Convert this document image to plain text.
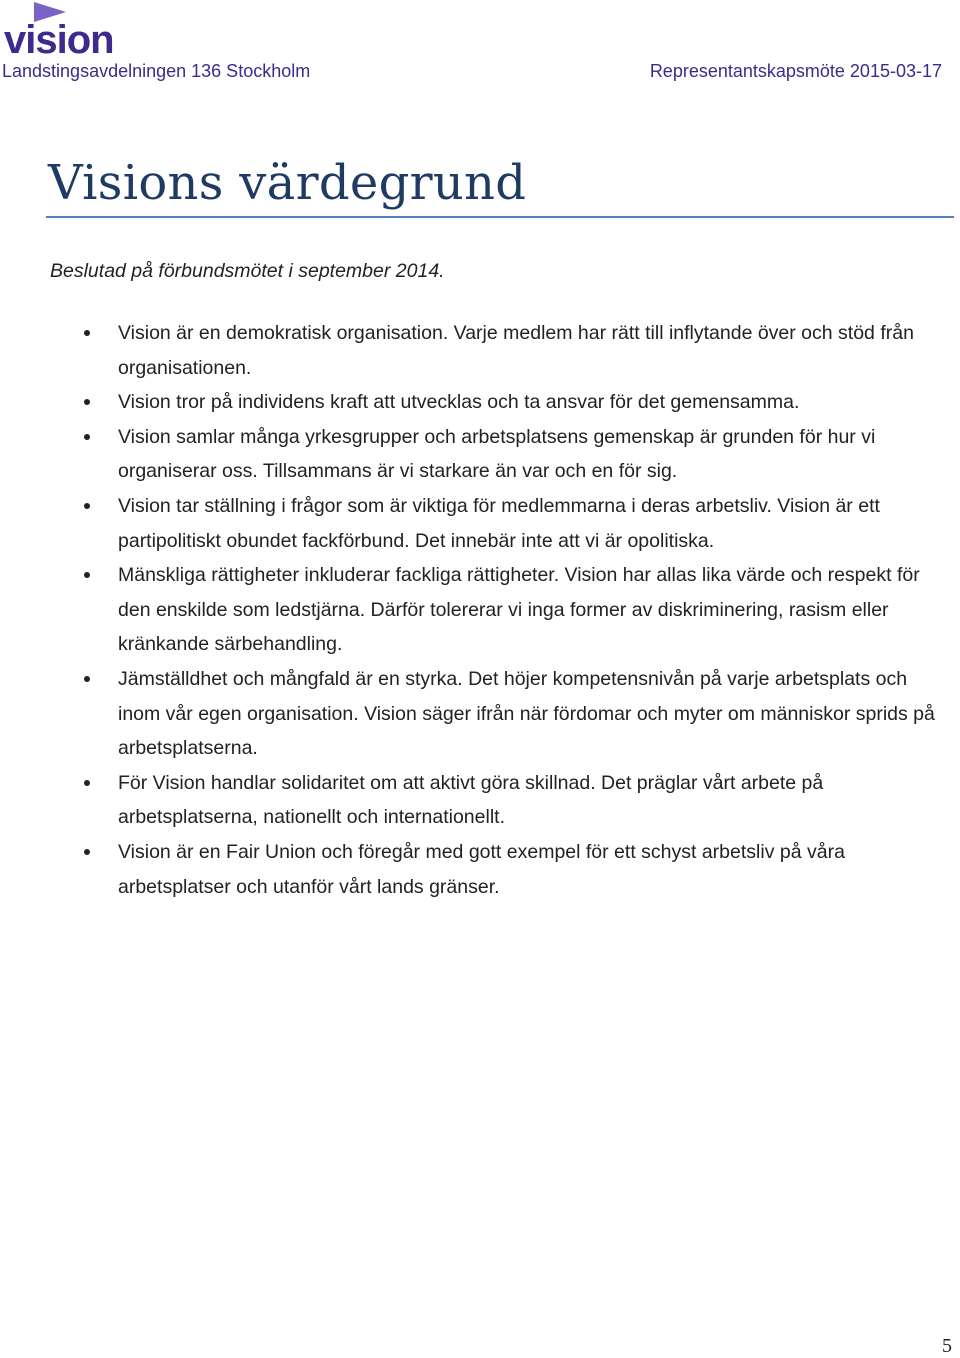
vision
Landstingsavdelningen 136 Stockholm	Representantskapsmöte 2015-03-17
Visions värdegrund

Beslutad på förbundsmötet i september 2014.

Vision är en demokratisk organisation. Varje medlem har rätt till inflytande över och stöd från organisationen.
Vision tror på individens kraft att utvecklas och ta ansvar för det gemensamma.
Vision samlar många yrkesgrupper och arbetsplatsens gemenskap är grunden för hur vi organiserar oss. Tillsammans är vi starkare än var och en för sig.
Vision tar ställning i frågor som är viktiga för medlemmarna i deras arbetsliv. Vision är ett partipolitiskt obundet fackförbund. Det innebär inte att vi är opolitiska.
Mänskliga rättigheter inkluderar fackliga rättigheter. Vision har allas lika värde och respekt för den enskilde som ledstjärna. Därför tolererar vi inga former av diskriminering, rasism eller kränkande särbehandling.
Jämställdhet och mångfald är en styrka. Det höjer kompetensnivån på varje arbetsplats och inom vår egen organisation. Vision säger ifrån när fördomar och myter om människor sprids på arbetsplatserna.
För Vision handlar solidaritet om att aktivt göra skillnad. Det präglar vårt arbete på arbetsplatserna, nationellt och internationellt.
Vision är en Fair Union och föregår med gott exempel för ett schyst arbetsliv på våra arbetsplatser och utanför vårt lands gränser.
5
